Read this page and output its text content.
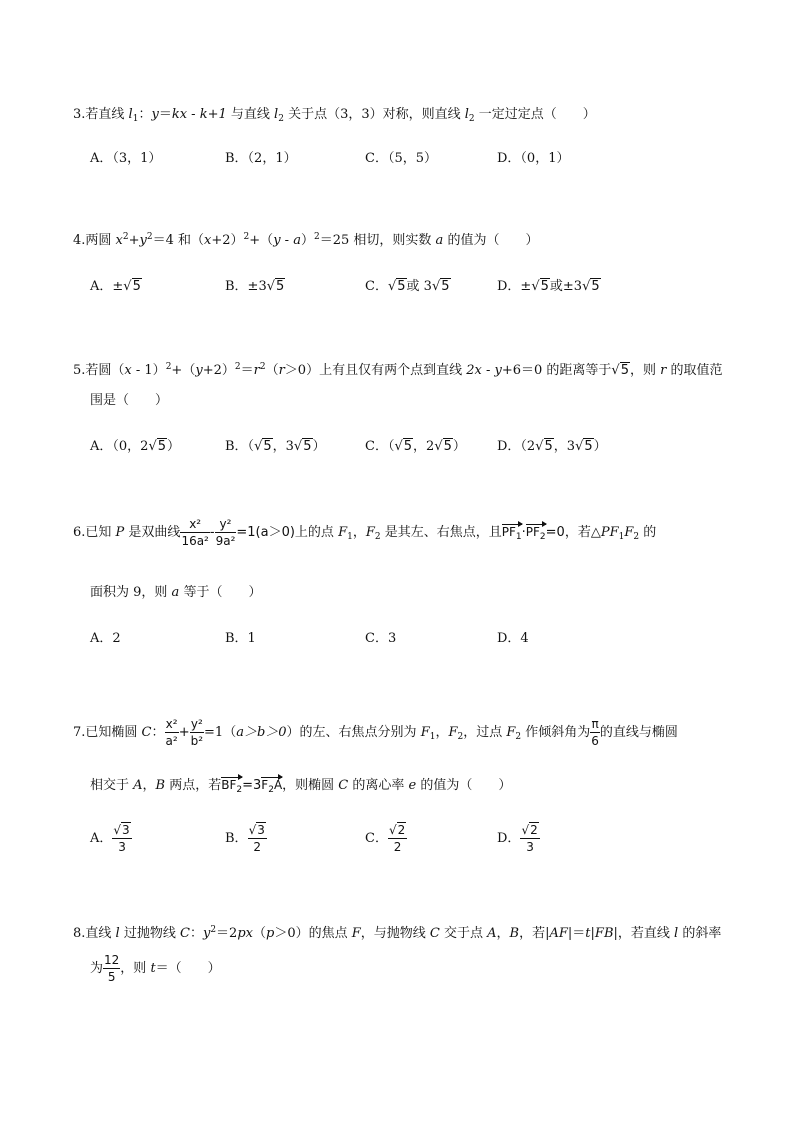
3.若直线 $l_1$：y＝kx - k+1 与直线 $l_2$ 关于点（3，3）对称，则直线 $l_2$ 一定过定点（　　）
A．（3，1）	B．（2，1）	C．（5，5）	D．（0，1）
4.两圆 $x^2+y^2=4$ 和$(x+2)^2+(y - a)^2=25$ 相切，则实数 a 的值为（　　）
A．±√5	B．±3√5	C．√5或 3√5	D．±√5或±3√5
5.若圆$(x - 1)^2+(y+2)^2=r^2(r>0)$上有且仅有两个点到直线 2x - y+6＝0 的距离等于√5，则 r 的取值范
围是（　　）
A．（0，2√5）	B．（√5，3√5）	C．（√5，2√5） D．（2√5，3√5）
6.已知 P 是双曲线 $\frac{\text{x²}}{\text{16a²}} - \frac{\text{y²}}{\text{9a²}} =1(a>0)$上的点 $F_1$，$F_2$ 是其左、右焦点，且$PF_1\cdot PF_2=0$，若$\triangle PF_1F_2$ 的
面积为 9，则 a 等于（　　）
A．2	B．1	C．3	D．4
7.已知椭圆 C： $\frac{\text{x²}}{\text{a²}} + \frac{\text{y²}}{\text{b²}} =1(a>b>0)$的左、右焦点分别为 $F_1$，$F_2$，过点 $F_2$ 作倾斜角为 $\frac{\pi}{6}$ 的直线与椭圆
相交于 A，B 两点，若$BF_2=3F_2A$，则椭圆 C 的离心率 e 的值为（　　）
A． $\frac{√3}{3}$	B． $\frac{√3}{2}$	C． $\frac{√2}{2}$	D． $\frac{√2}{3}$
8.直线 l 过抛物线 C：$y^2=2px(p>0)$的焦点 F，与抛物线 C 交于点 A，B，若|AF|＝t|FB|，若直线 l 的斜率
为 $\frac{12}{5}$ ，则 t＝（　　）
